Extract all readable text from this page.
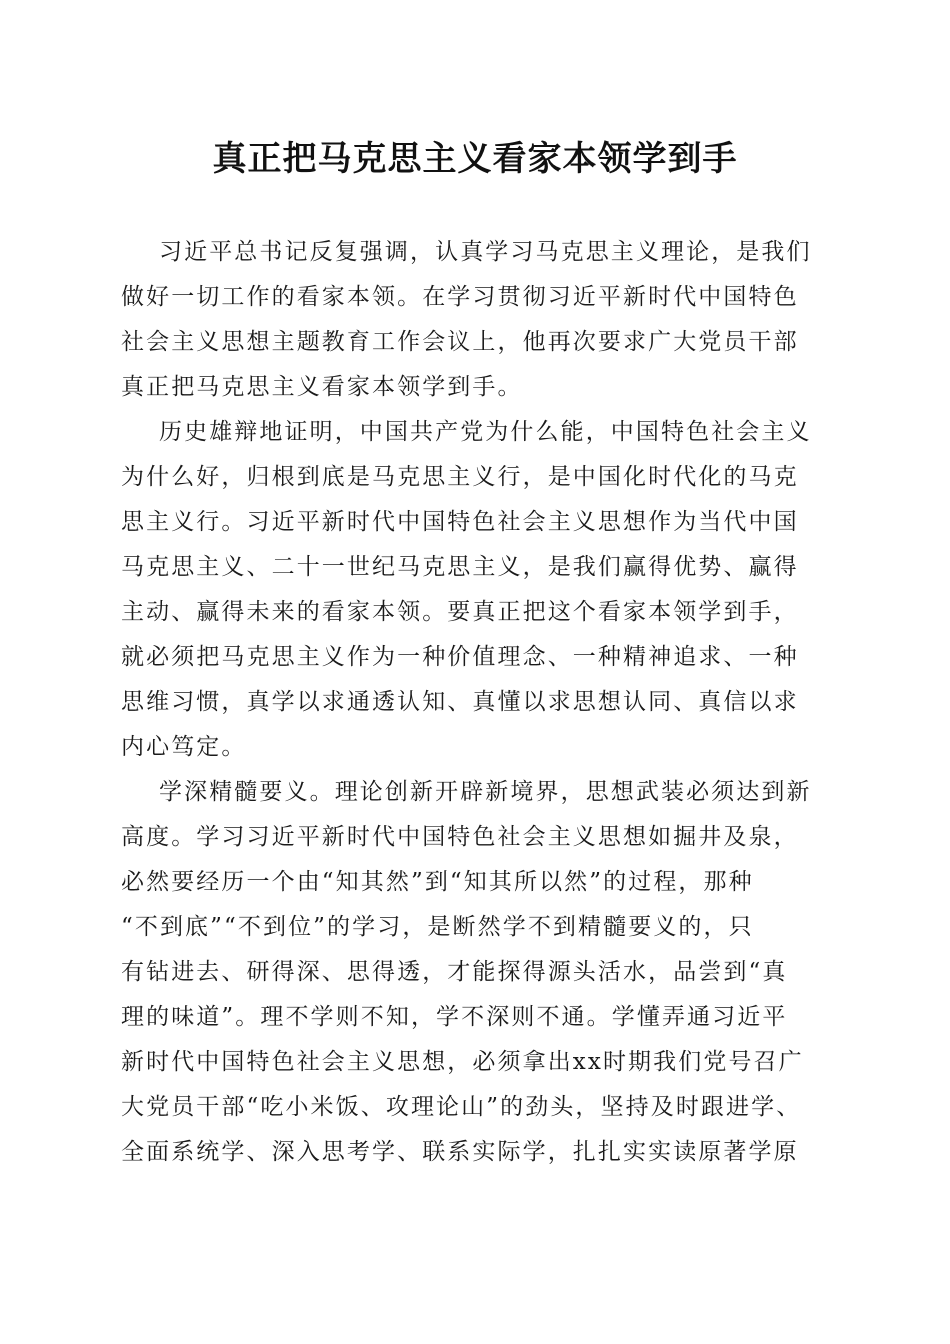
真正把马克思主义看家本领学到手
习近平总书记反复强调，认真学习马克思主义理论，是我们
做好一切工作的看家本领。在学习贯彻习近平新时代中国特色
社会主义思想主题教育工作会议上，他再次要求广大党员干部
真正把马克思主义看家本领学到手。
历史雄辩地证明，中国共产党为什么能，中国特色社会主义
为什么好，归根到底是马克思主义行，是中国化时代化的马克
思主义行。习近平新时代中国特色社会主义思想作为当代中国
马克思主义、二十一世纪马克思主义，是我们赢得优势、赢得
主动、赢得未来的看家本领。要真正把这个看家本领学到手，
就必须把马克思主义作为一种价值理念、一种精神追求、一种
思维习惯，真学以求通透认知、真懂以求思想认同、真信以求
内心笃定。
学深精髓要义。理论创新开辟新境界，思想武装必须达到新
高度。学习习近平新时代中国特色社会主义思想如掘井及泉，
必然要经历一个由“知其然”到“知其所以然”的过程，那种
“不到底”“不到位”的学习，是断然学不到精髓要义的，只
有钻进去、研得深、思得透，才能探得源头活水，品尝到“真
理的味道”。理不学则不知，学不深则不通。学懂弄通习近平
新时代中国特色社会主义思想，必须拿出xx时期我们党号召广
大党员干部“吃小米饭、攻理论山”的劲头，坚持及时跟进学、
全面系统学、深入思考学、联系实际学，扎扎实实读原著学原
